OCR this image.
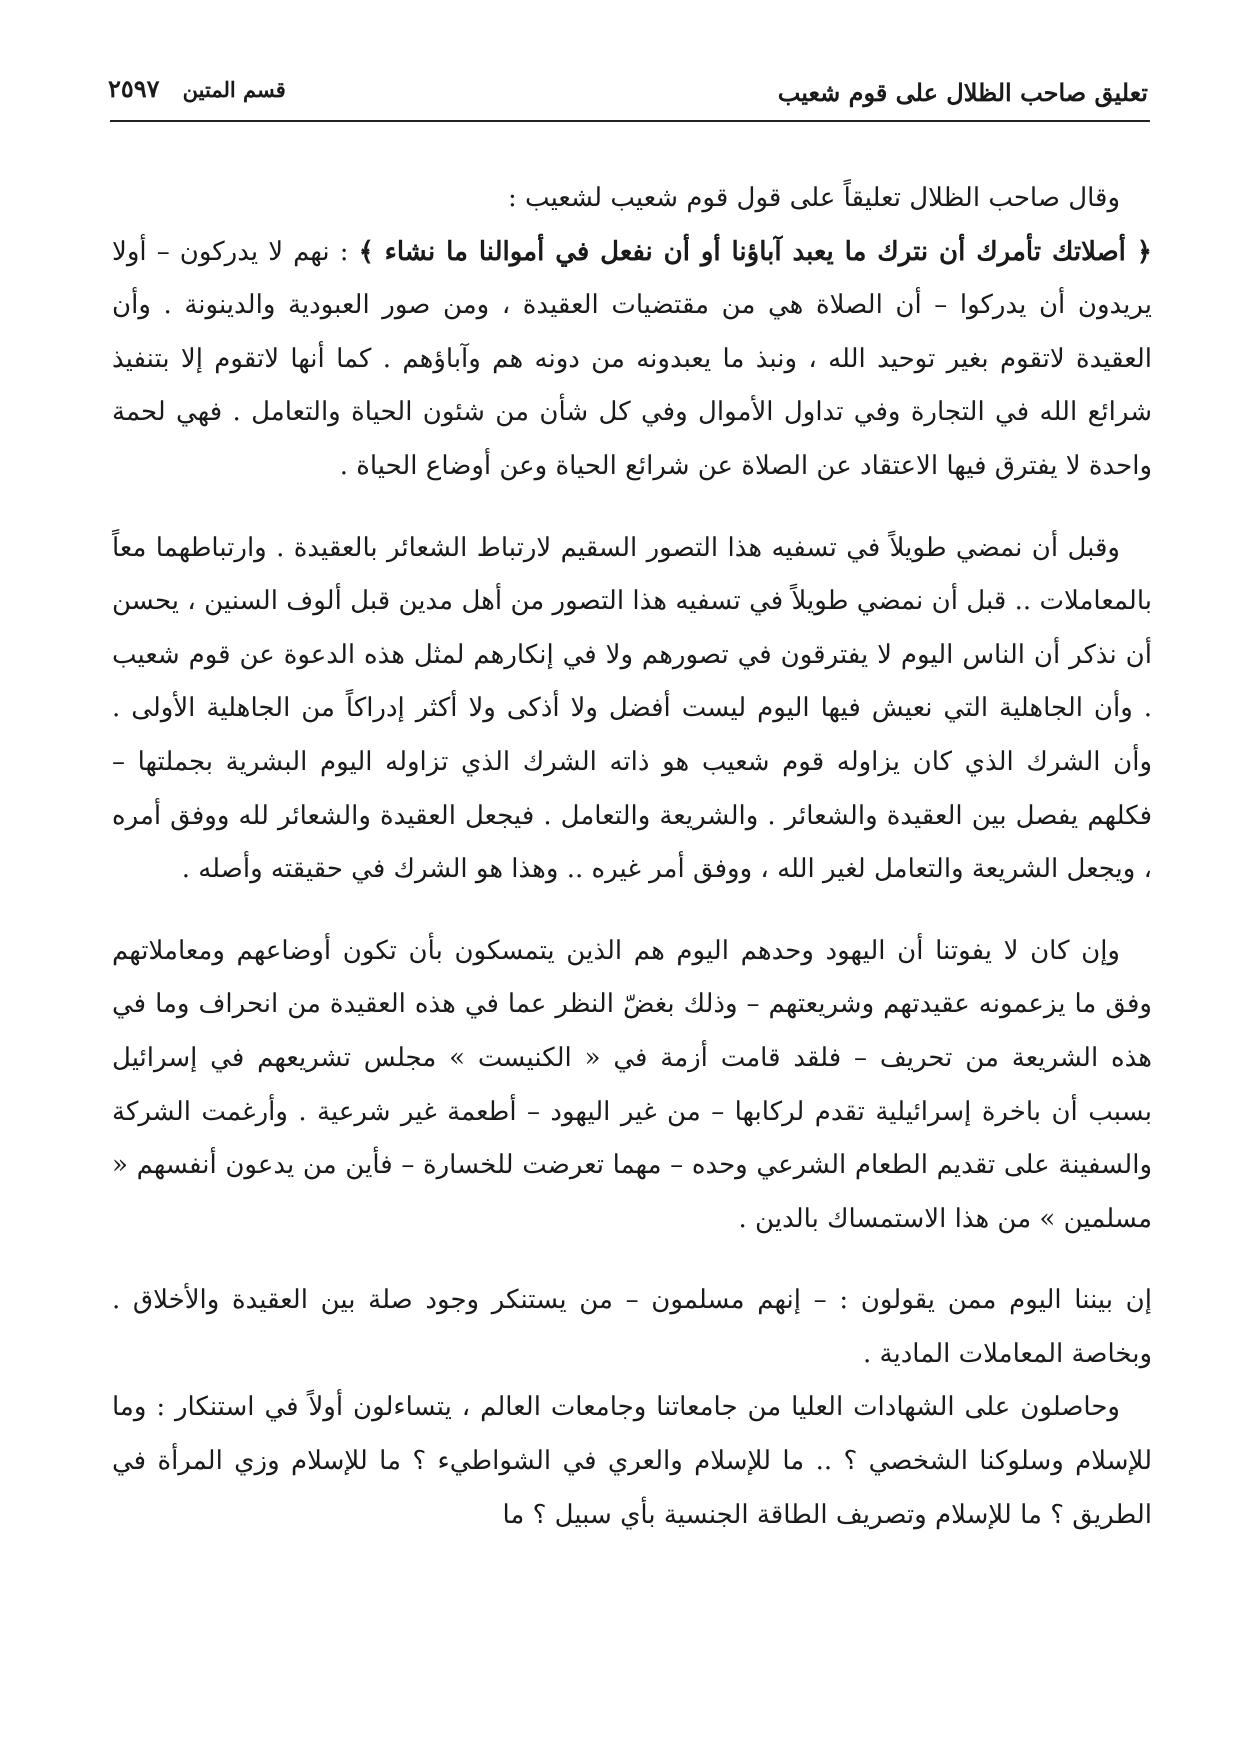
تعليق صاحب الظلال على قوم شعيب
قسم المتين ٢٥٩٧

وقال صاحب الظلال تعليقاً على قول قوم شعيب لشعيب :

﴿ أصلاتك تأمرك أن نترك ما يعبد آباؤنا أو أن نفعل في أموالنا ما نشاء ﴾ : نهم لا يدركون – أولا يريدون أن يدركوا – أن الصلاة هي من مقتضيات العقيدة ، ومن صور العبودية والدينونة . وأن العقيدة لاتقوم بغير توحيد الله ، ونبذ ما يعبدونه من دونه هم وآباؤهم . كما أنها لاتقوم إلا بتنفيذ شرائع الله في التجارة وفي تداول الأموال وفي كل شأن من شئون الحياة والتعامل . فهي لحمة واحدة لا يفترق فيها الاعتقاد عن الصلاة عن شرائع الحياة وعن أوضاع الحياة .

وقبل أن نمضي طويلاً في تسفيه هذا التصور السقيم لارتباط الشعائر بالعقيدة . وارتباطهما معاً بالمعاملات .. قبل أن نمضي طويلاً في تسفيه هذا التصور من أهل مدين قبل ألوف السنين ، يحسن أن نذكر أن الناس اليوم لا يفترقون في تصورهم ولا في إنكارهم لمثل هذه الدعوة عن قوم شعيب . وأن الجاهلية التي نعيش فيها اليوم ليست أفضل ولا أذكى ولا أكثر إدراكاً من الجاهلية الأولى . وأن الشرك الذي كان يزاوله قوم شعيب هو ذاته الشرك الذي تزاوله اليوم البشرية بجملتها – فكلهم يفصل بين العقيدة والشعائر . والشريعة والتعامل . فيجعل العقيدة والشعائر لله ووفق أمره ، ويجعل الشريعة والتعامل لغير الله ، ووفق أمر غيره .. وهذا هو الشرك في حقيقته وأصله .

وإن كان لا يفوتنا أن اليهود وحدهم اليوم هم الذين يتمسكون بأن تكون أوضاعهم ومعاملاتهم وفق ما يزعمونه عقيدتهم وشريعتهم – وذلك بغضّ النظر عما في هذه العقيدة من انحراف وما في هذه الشريعة من تحريف – فلقد قامت أزمة في « الكنيست » مجلس تشريعهم في إسرائيل بسبب أن باخرة إسرائيلية تقدم لركابها – من غير اليهود – أطعمة غير شرعية . وأرغمت الشركة والسفينة على تقديم الطعام الشرعي وحده – مهما تعرضت للخسارة – فأين من يدعون أنفسهم « مسلمين » من هذا الاستمساك بالدين .

إن بيننا اليوم ممن يقولون : – إنهم مسلمون – من يستنكر وجود صلة بين العقيدة والأخلاق . وبخاصة المعاملات المادية .

وحاصلون على الشهادات العليا من جامعاتنا وجامعات العالم ، يتساءلون أولاً في استنكار : وما للإسلام وسلوكنا الشخصي ؟ .. ما للإسلام والعري في الشواطيء ؟ ما للإسلام وزي المرأة في الطريق ؟ ما للإسلام وتصريف الطاقة الجنسية بأي سبيل ؟ ما
